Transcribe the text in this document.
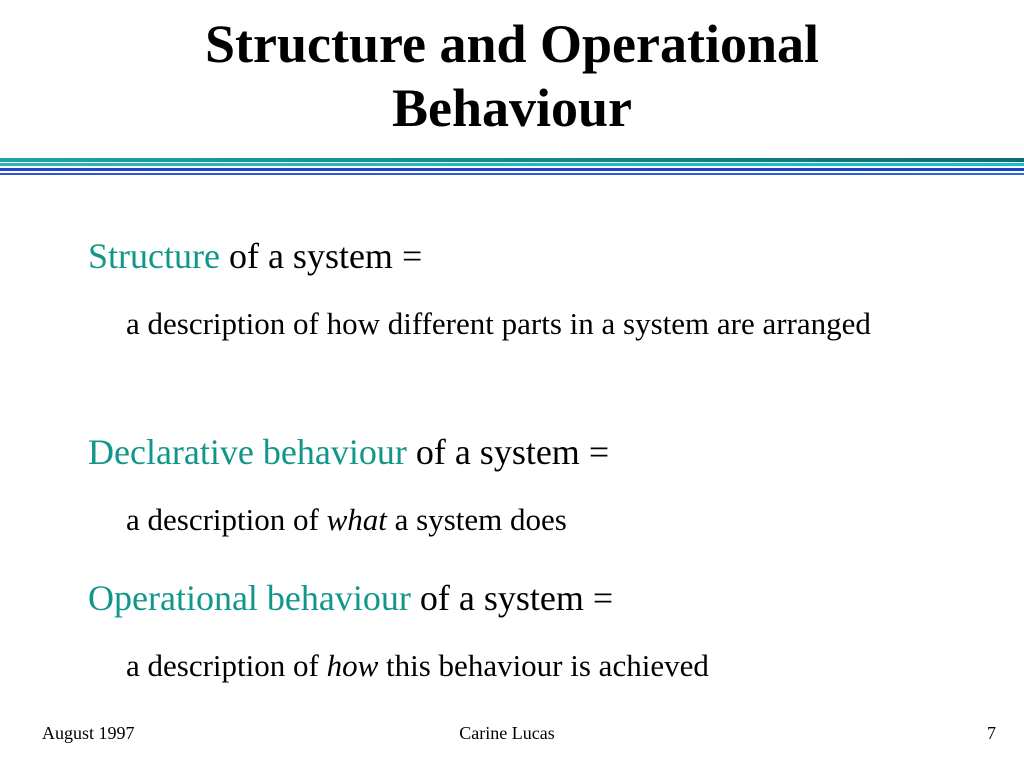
Structure and Operational
Behaviour

Structure of a system =

a description of how different parts in a system are arranged

Declarative behaviour of a system =

a description of what a system does

Operational behaviour of a system =

a description of how this behaviour is achieved

August 1997	Carine Lucas	7
